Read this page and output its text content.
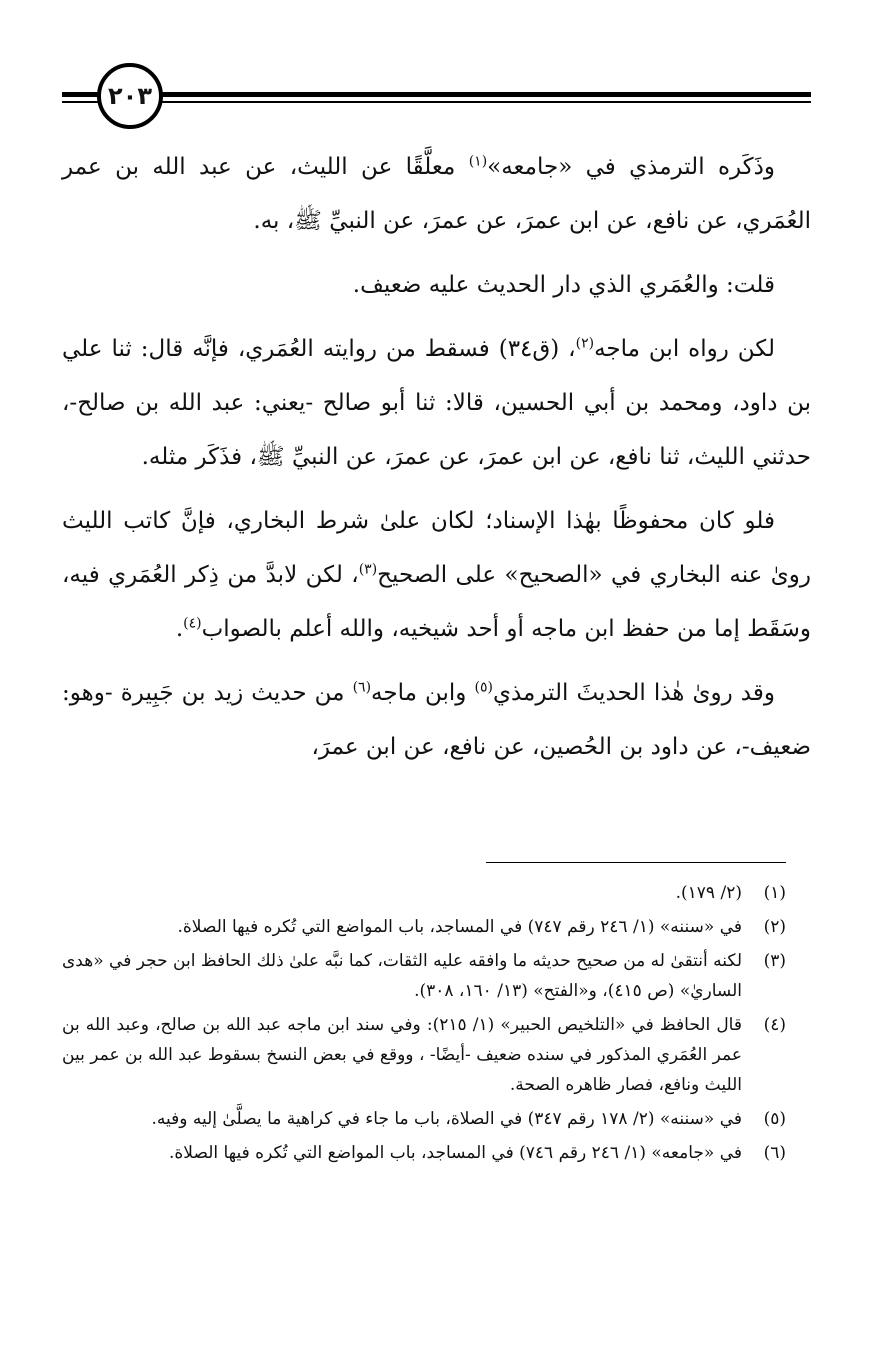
٢٠٣

وذَكَره الترمذي في «جامعه»$^{(١)}$ معلَّقًا عن الليث، عن عبد الله بن عمر العُمَري، عن نافع، عن ابن عمرَ، عن عمرَ، عن النبيِّ ﷺ، به.

قلت: والعُمَري الذي دار الحديث عليه ضعيف.

لكن رواه ابن ماجه$^{(٢)}$، (ق٣٤) فسقط من روايته العُمَري، فإنَّه قال: ثنا علي بن داود، ومحمد بن أبي الحسين، قالا: ثنا أبو صالح -يعني: عبد الله بن صالح-، حدثني الليث، ثنا نافع، عن ابن عمرَ، عن عمرَ، عن النبيِّ ﷺ، فذَكَر مثله.

فلو كان محفوظًا بهٰذا الإسناد؛ لكان علىٰ شرط البخاري، فإنَّ كاتب الليث روىٰ عنه البخاري في «الصحيح» على الصحيح$^{(٣)}$، لكن لابدَّ من ذِكر العُمَري فيه، وسَقَط إما من حفظ ابن ماجه أو أحد شيخيه، والله أعلم بالصواب$^{(٤)}$.

وقد روىٰ هٰذا الحديثَ الترمذي$^{(٥)}$ وابن ماجه$^{(٦)}$ من حديث زيد بن جَبِيرة -وهو: ضعيف-، عن داود بن الحُصين، عن نافع، عن ابن عمرَ،

(١)
(٢/ ١٧٩).
(٢)
في «سننه» (١/ ٢٤٦ رقم ٧٤٧) في المساجد، باب المواضع التي تُكره فيها الصلاة.
(٣)
لكنه أنتقىٰ له من صحيح حديثه ما وافقه عليه الثقات، كما نبَّه علىٰ ذلك الحافظ ابن حجر في «هدى الساريٰ» (ص ٤١٥)، و«الفتح» (١٣/ ١٦٠، ٣٠٨).
(٤)
قال الحافظ في «التلخيص الحبير» (١/ ٢١٥): وفي سند ابن ماجه عبد الله بن صالح، وعبد الله بن عمر العُمَري المذكور في سنده ضعيف -أيضًا- ، ووقع في بعض النسخ بسقوط عبد الله بن عمر بين الليث ونافع، فصار ظاهره الصحة.
(٥)
في «سننه» (٢/ ١٧٨ رقم ٣٤٧) في الصلاة، باب ما جاء في كراهية ما يصلَّىٰ إليه وفيه.
(٦)
في «جامعه» (١/ ٢٤٦ رقم ٧٤٦) في المساجد، باب المواضع التي تُكره فيها الصلاة.
